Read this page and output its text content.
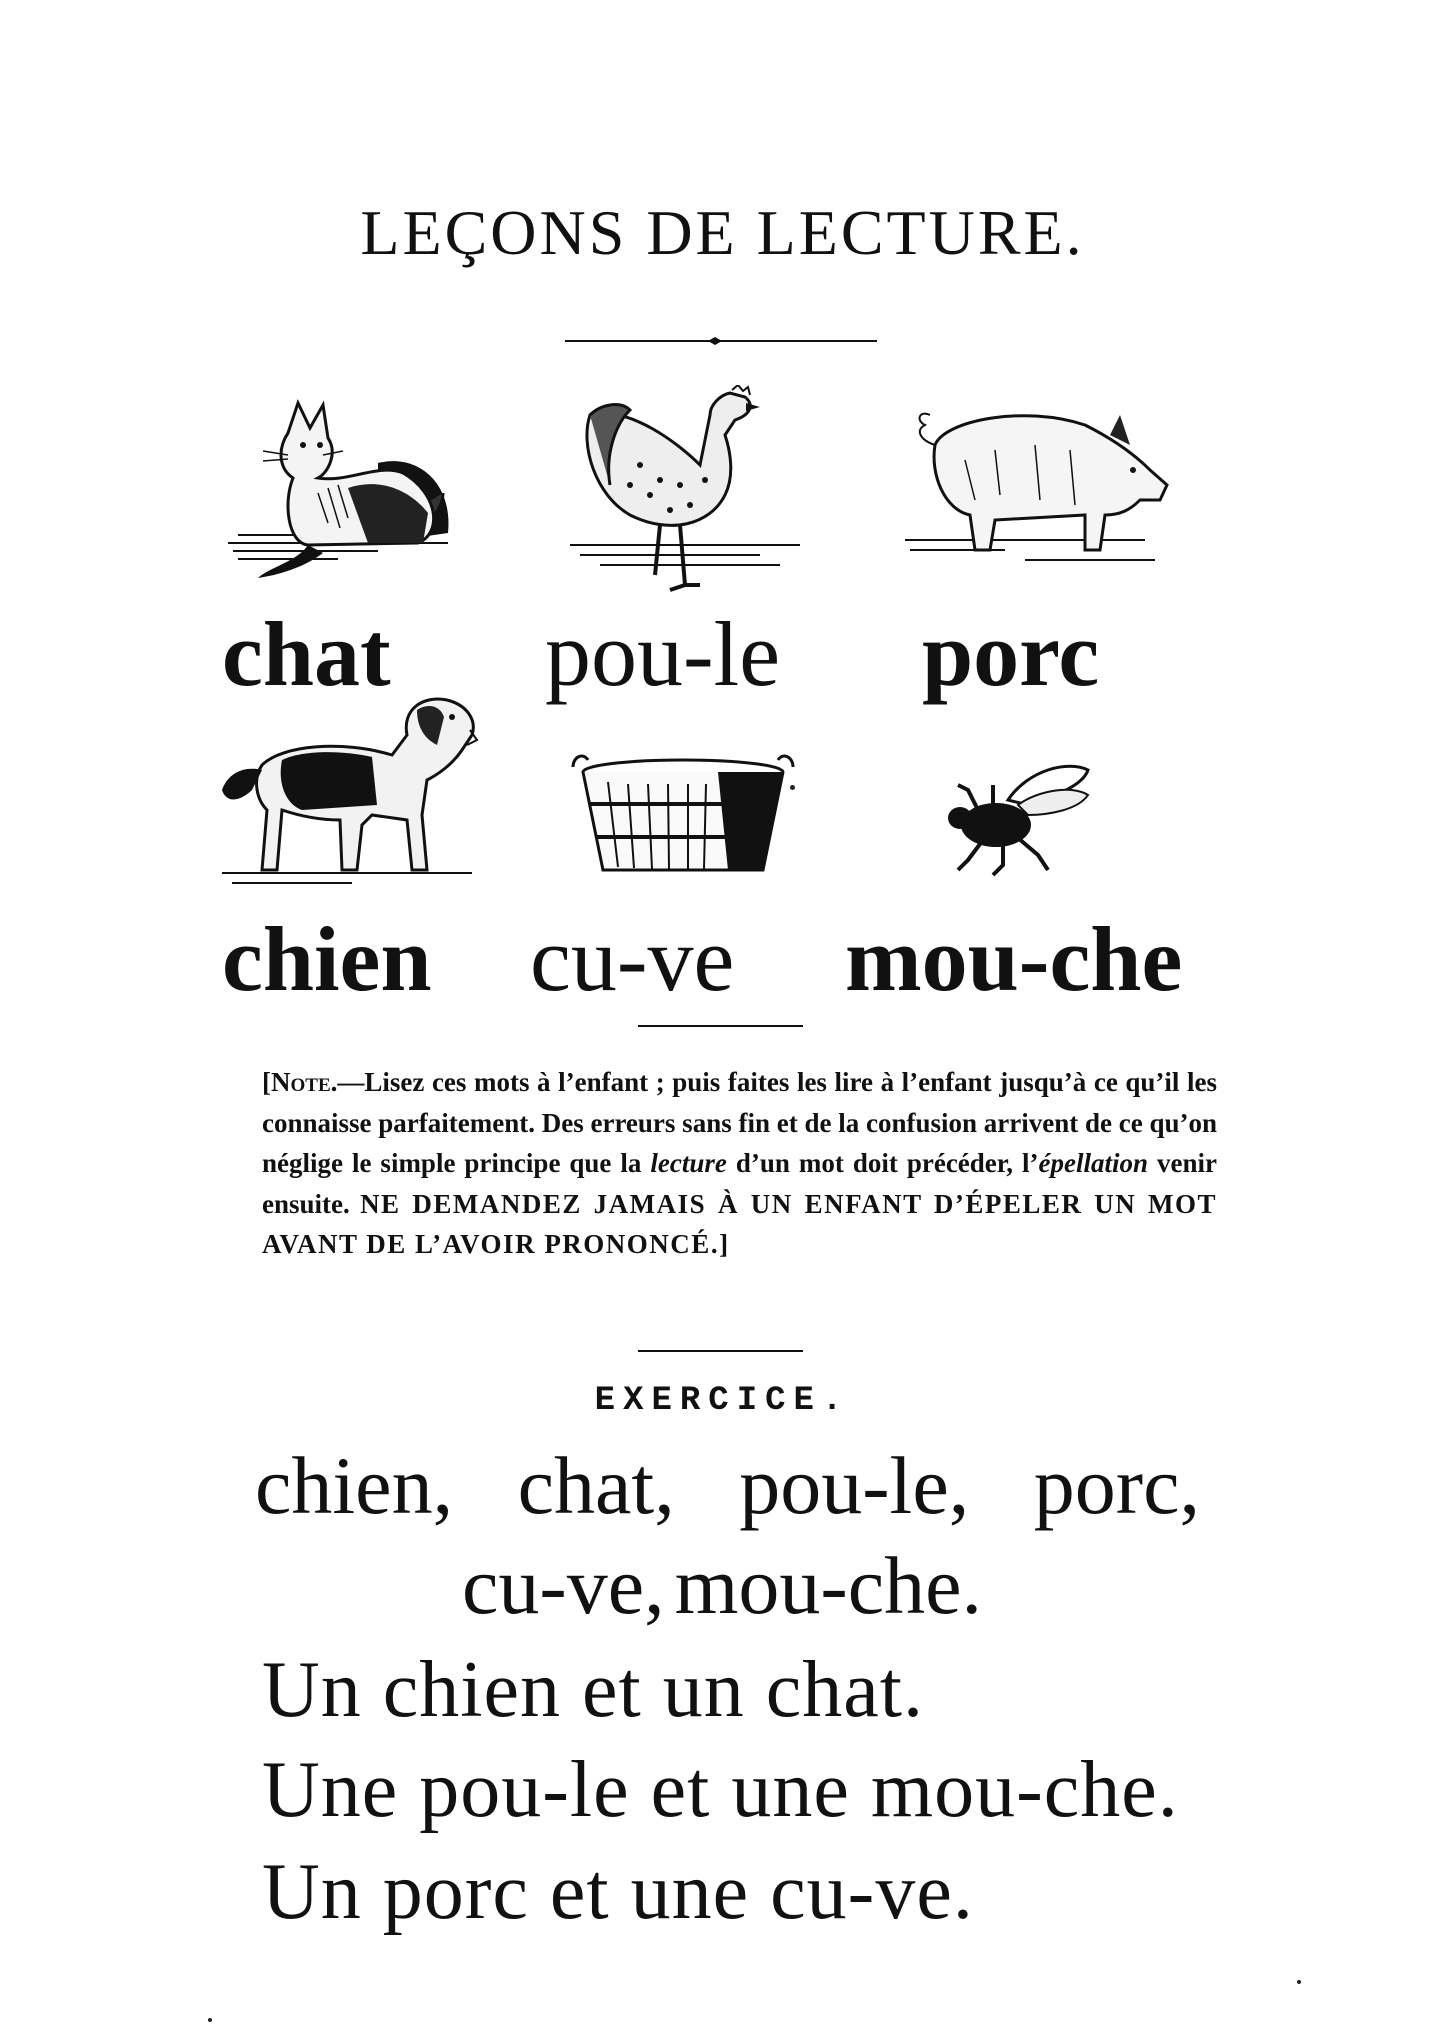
LEÇONS DE LECTURE.
chat pou-le porc
chien cu-ve mou-che
[Note.—Lisez ces mots à l’enfant ; puis faites les lire à l’enfant jusqu’à ce qu’il les connaisse parfaitement. Des erreurs sans fin et de la confusion arrivent de ce qu’on néglige le simple principe que la lecture d’un mot doit précéder, l’épellation venir ensuite. NE DEMANDEZ JAMAIS À UN ENFANT D’ÉPELER UN MOT AVANT DE L’AVOIR PRONONCÉ.]
EXERCICE.
chien, chat, pou-le, porc,
cu-ve, mou-che.
Un chien et un chat.
Une pou-le et une mou-che.
Un porc et une cu-ve.
